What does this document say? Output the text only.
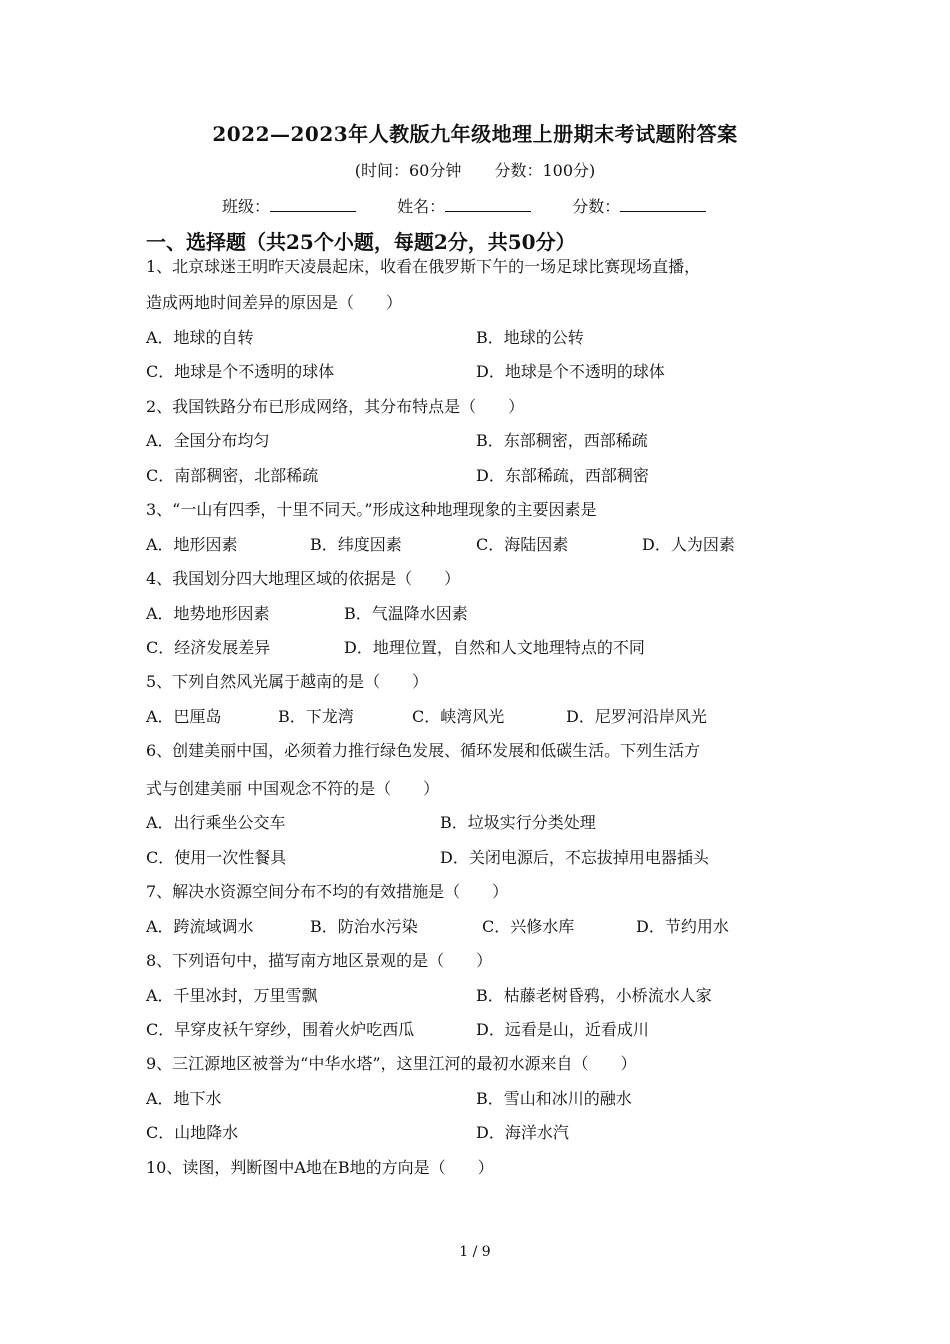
2022—2023年人教版九年级地理上册期末考试题附答案
(时间：60分钟 分数：100分)
班级：	姓名：	分数：
一、选择题（共25个小题，每题2分，共50分）
1、北京球迷王明昨天凌晨起床，收看在俄罗斯下午的一场足球比赛现场直播，
造成两地时间差异的原因是（　　）
A．地球的自转	B．地球的公转
C．地球是个不透明的球体	D．地球是个不透明的球体
2、我国铁路分布已形成网络，其分布特点是（　　）
A．全国分布均匀	B．东部稠密，西部稀疏
C．南部稠密，北部稀疏	D．东部稀疏，西部稠密
3、“一山有四季，十里不同天。”形成这种地理现象的主要因素是
A．地形因素	B．纬度因素	C．海陆因素	D．人为因素
4、我国划分四大地理区域的依据是（　　）
A．地势地形因素	B．气温降水因素
C．经济发展差异	D．地理位置，自然和人文地理特点的不同
5、下列自然风光属于越南的是（　　）
A．巴厘岛	B．下龙湾	C．峡湾风光	D．尼罗河沿岸风光
6、创建美丽中国，必须着力推行绿色发展、循环发展和低碳生活。下列生活方
式与创建美丽 中国观念不符的是（　　）
A．出行乘坐公交车	B．垃圾实行分类处理
C．使用一次性餐具	D．关闭电源后，不忘拔掉用电器插头
7、解决水资源空间分布不均的有效措施是（　　）
A．跨流域调水	B．防治水污染	C．兴修水库	D．节约用水
8、下列语句中，描写南方地区景观的是（　　）
A．千里冰封，万里雪飘	B．枯藤老树昏鸦，小桥流水人家
C．早穿皮袄午穿纱，围着火炉吃西瓜	D．远看是山，近看成川
9、三江源地区被誉为“中华水塔”，这里江河的最初水源来自（　　）
A．地下水	B．雪山和冰川的融水
C．山地降水	D．海洋水汽
10、读图，判断图中A地在B地的方向是（　　）
1 / 9
